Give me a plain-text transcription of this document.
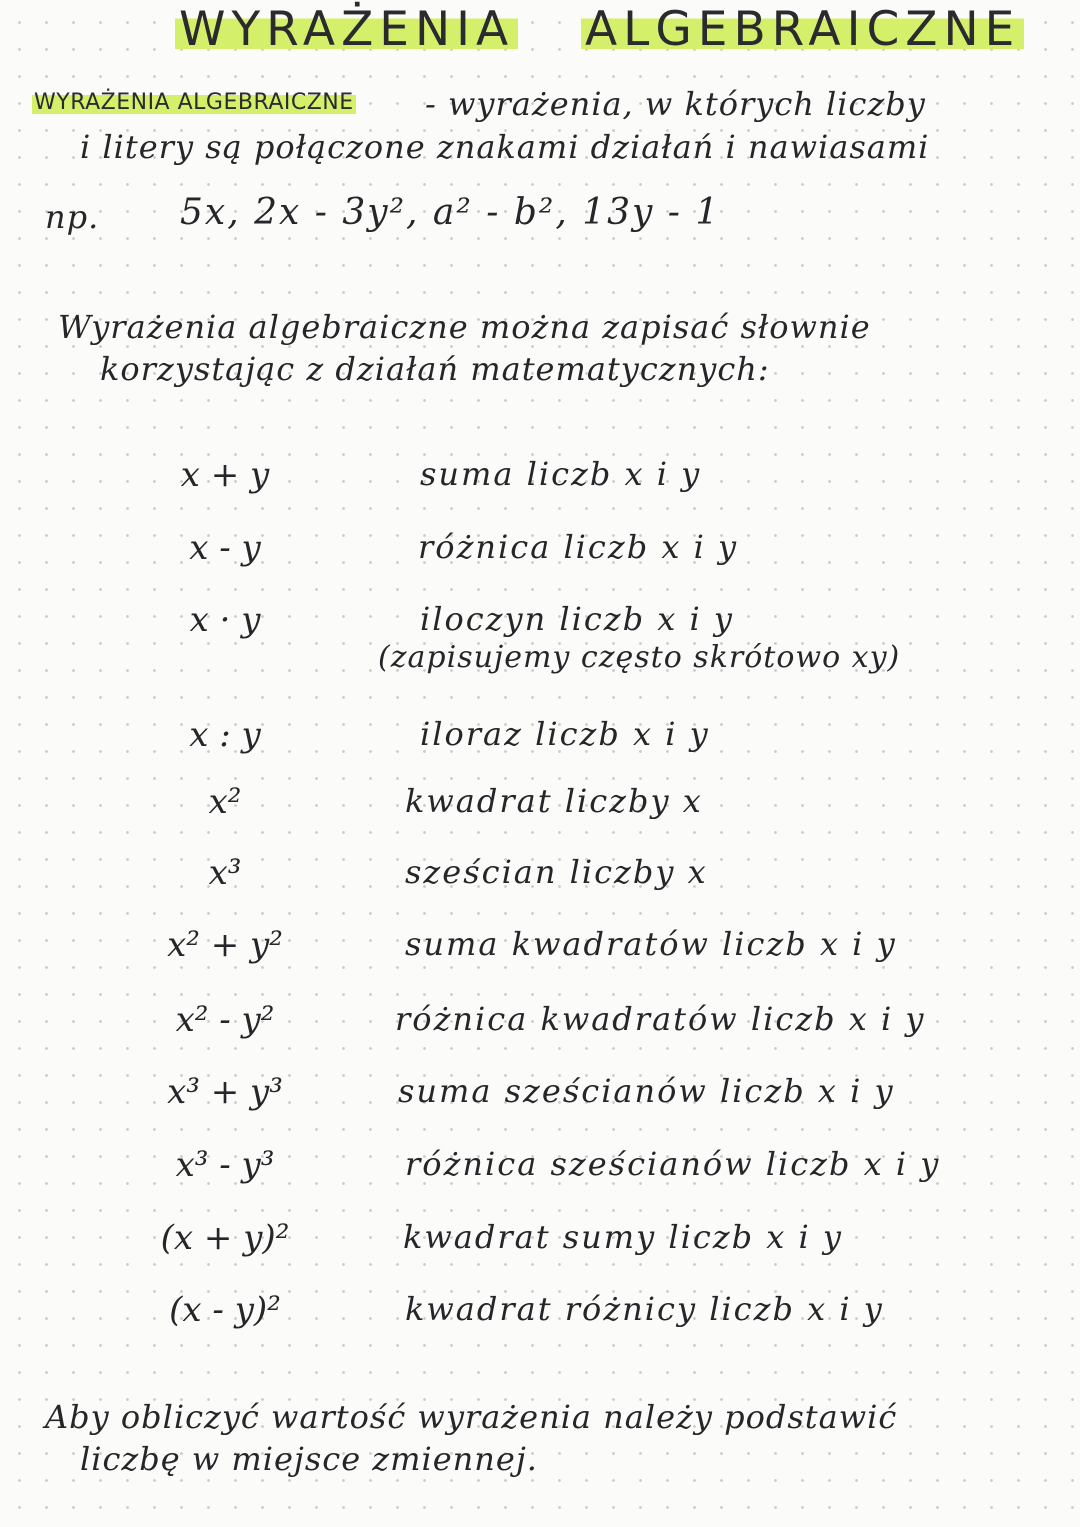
WYRAŻENIA ALGEBRAICZNE
WYRAŻENIA ALGEBRAICZNE - wyrażenia, w których liczby
i litery są połączone znakami działań i nawiasami
np. 5x, 2x - 3y², a² - b², 13y - 1
Wyrażenia algebraiczne można zapisać słownie
korzystając z działań matematycznych:
x + y	suma liczb x i y
x - y	różnica liczb x i y
x · y	iloczyn liczb x i y
(zapisujemy często skrótowo xy)
x : y	iloraz liczb x i y
x²	kwadrat liczby x
x³	sześcian liczby x
x² + y²	suma kwadratów liczb x i y
x² - y²	różnica kwadratów liczb x i y
x³ + y³	suma sześcianów liczb x i y
x³ - y³	różnica sześcianów liczb x i y
(x + y)²	kwadrat sumy liczb x i y
(x - y)²	kwadrat różnicy liczb x i y
Aby obliczyć wartość wyrażenia należy podstawić
liczbę w miejsce zmiennej.
